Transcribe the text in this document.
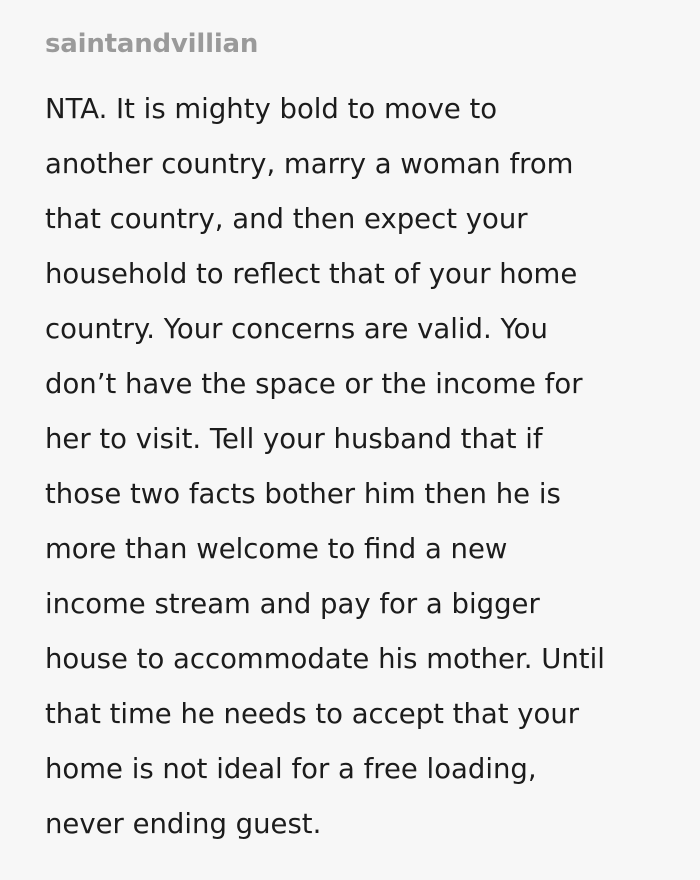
saintandvillian
NTA. It is mighty bold to move to
another country, marry a woman from
that country, and then expect your
household to reflect that of your home
country. Your concerns are valid. You
don’t have the space or the income for
her to visit. Tell your husband that if
those two facts bother him then he is
more than welcome to find a new
income stream and pay for a bigger
house to accommodate his mother. Until
that time he needs to accept that your
home is not ideal for a free loading,
never ending guest.
